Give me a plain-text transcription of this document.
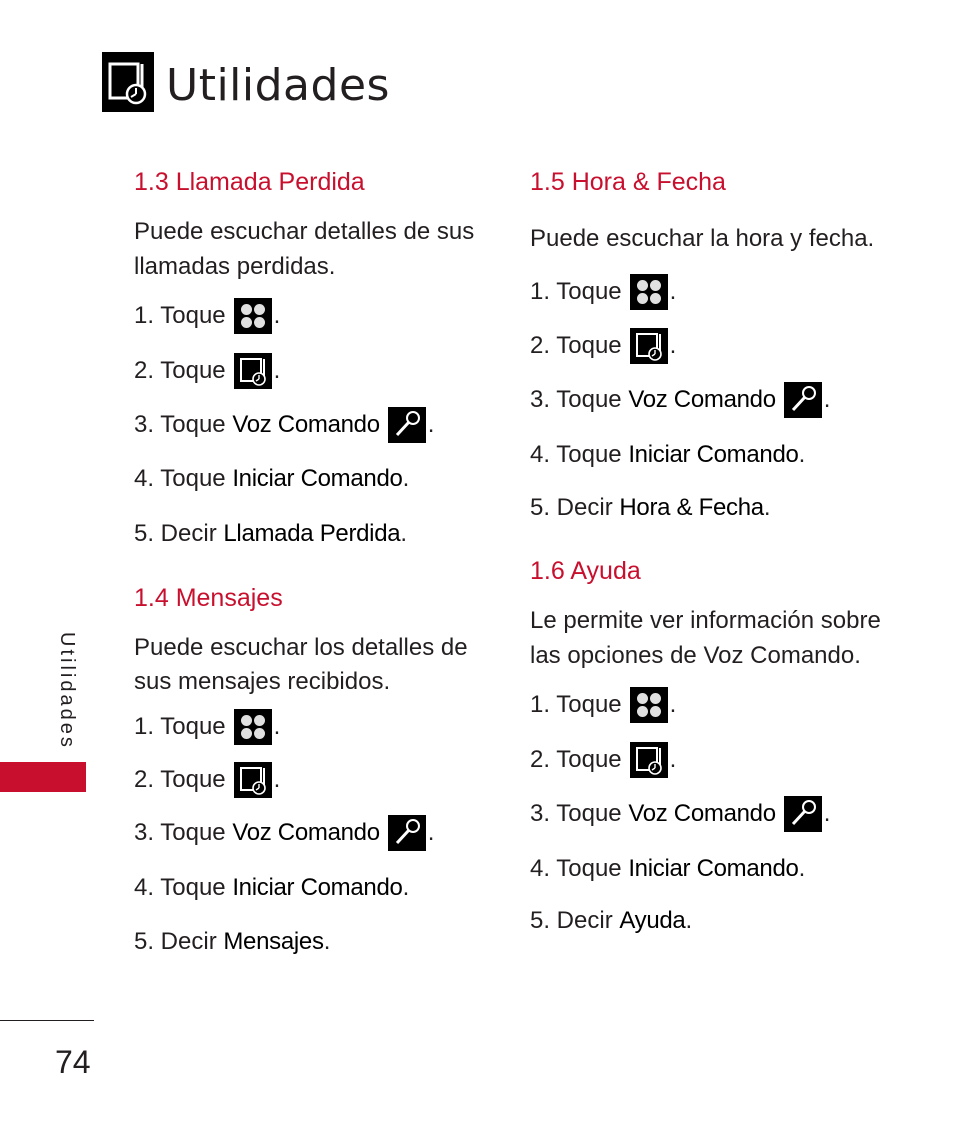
Utilidades
1.3 Llamada Perdida
Puede escuchar detalles de sus
llamadas perdidas.
1. Toque .
2. Toque .
3. Toque
Voz Comando .
4. Toque
Iniciar Comando .
5. Decir
Llamada Perdida .
1.4 Mensajes
Puede escuchar los detalles de
sus mensajes recibidos.
1. Toque .
2. Toque .
3. Toque
Voz Comando .
4. Toque
Iniciar Comando .
5. Decir
Mensajes .
1.5 Hora & Fecha
Puede escuchar la hora y fecha.
1. Toque .
2. Toque .
3. Toque
Voz Comando .
4. Toque
Iniciar Comando .
5. Decir
Hora & Fecha .
1.6 Ayuda
Le permite ver información sobre
las opciones de Voz Comando.
1. Toque .
2. Toque .
3. Toque
Voz Comando .
4. Toque
Iniciar Comando .
5. Decir
Ayuda .
Utilidades
74
